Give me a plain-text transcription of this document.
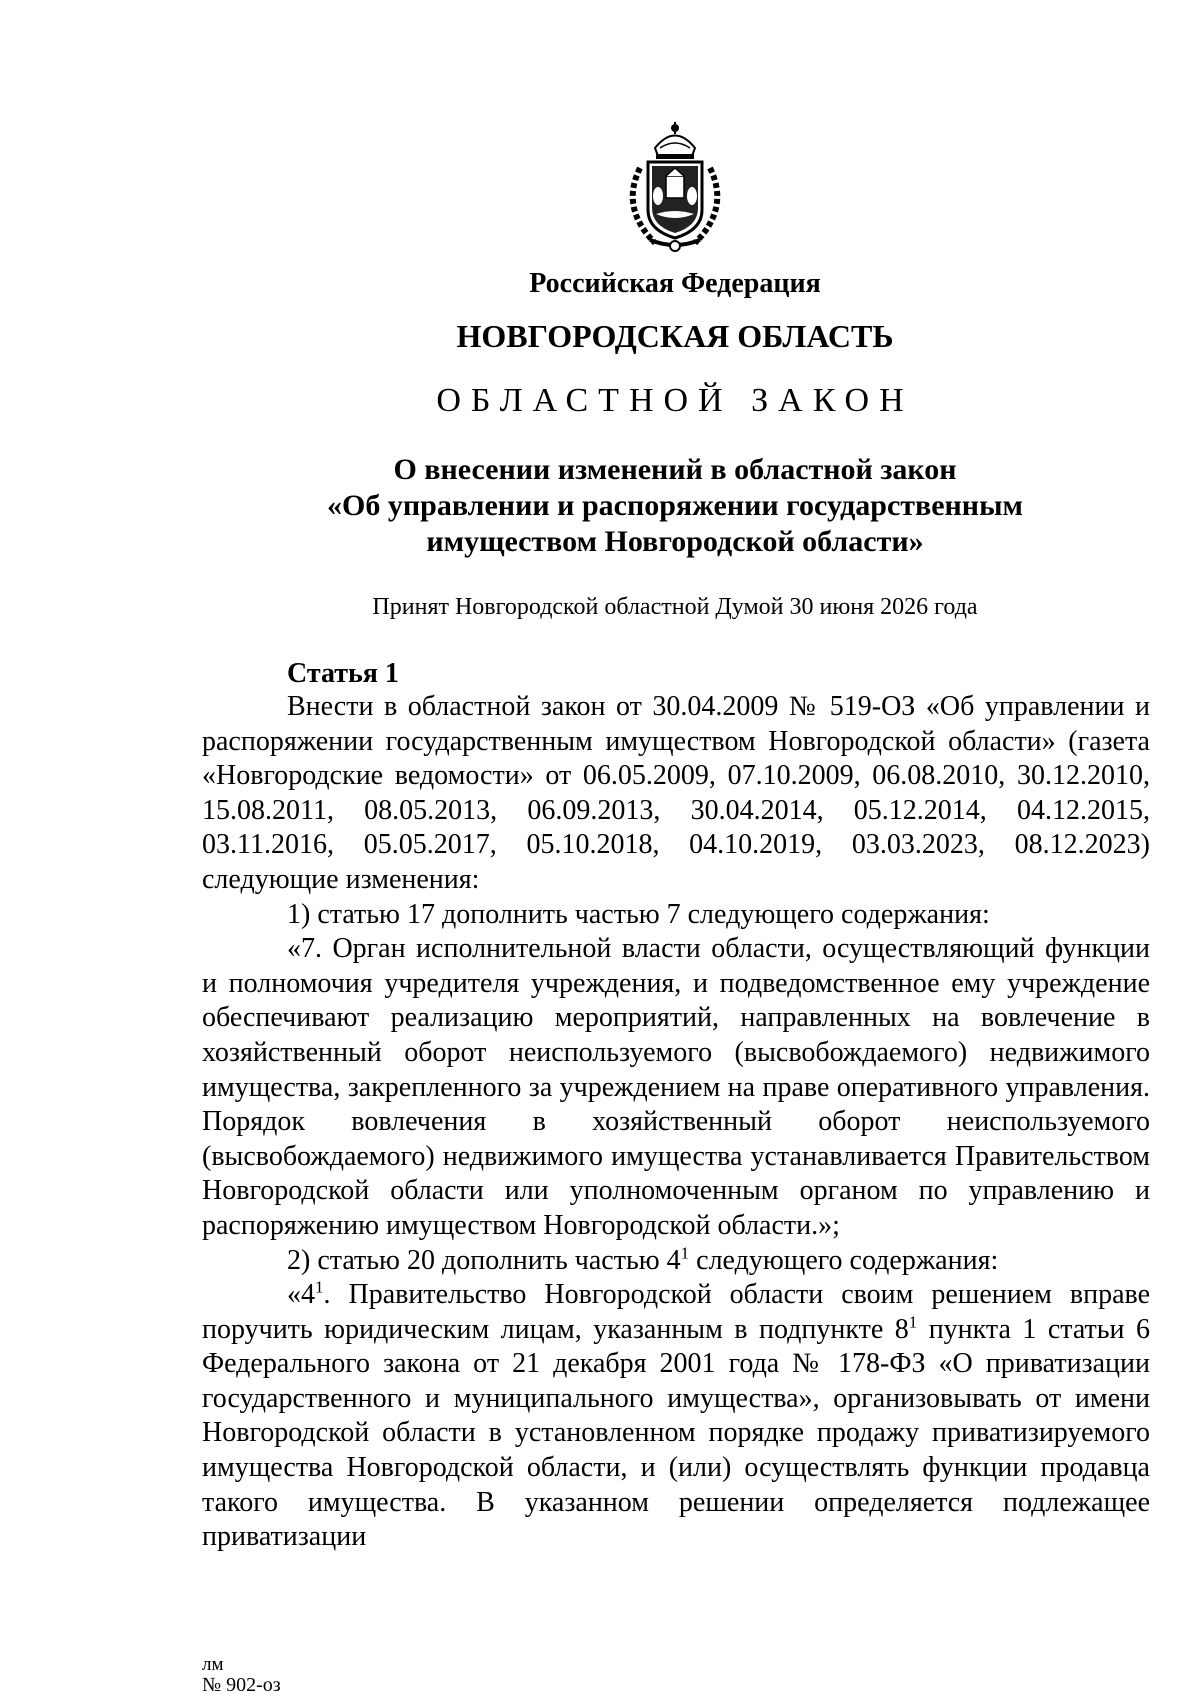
Российская Федерация
НОВГОРОДСКАЯ ОБЛАСТЬ
ОБЛАСТНОЙ ЗАКОН
О внесении изменений в областной закон
«Об управлении и распоряжении государственным
имуществом Новгородской области»
Принят Новгородской областной Думой 30 июня 2026 года
Статья 1

Внести в областной закон от 30.04.2009 № 519-ОЗ «Об управлении и распоряжении государственным имуществом Новгородской области» (газета «Новгородские ведомости» от 06.05.2009, 07.10.2009, 06.08.2010, 30.12.2010, 15.08.2011, 08.05.2013, 06.09.2013, 30.04.2014, 05.12.2014, 04.12.2015, 03.11.2016, 05.05.2017, 05.10.2018, 04.10.2019, 03.03.2023, 08.12.2023) следующие изменения:

1) статью 17 дополнить частью 7 следующего содержания:

«7. Орган исполнительной власти области, осуществляющий функции и полномочия учредителя учреждения, и подведомственное ему учреждение обеспечивают реализацию мероприятий, направленных на вовлечение в хозяйственный оборот неиспользуемого (высвобождаемого) недвижимого имущества, закрепленного за учреждением на праве оперативного управления. Порядок вовлечения в хозяйственный оборот неиспользуемого (высвобождаемого) недвижимого имущества устанавливается Правительством Новгородской области или уполномоченным органом по управлению и распоряжению имуществом Новгородской области.»;

2) статью 20 дополнить частью $4^1$ следующего содержания:

«$4^1$. Правительство Новгородской области своим решением вправе поручить юридическим лицам, указанным в подпункте $8^1$ пункта 1 статьи 6 Федерального закона от 21 декабря 2001 года № 178-ФЗ «О приватизации государственного и муниципального имущества», организовывать от имени Новгородской области в установленном порядке продажу приватизируемого имущества Новгородской области, и (или) осуществлять функции продавца такого имущества. В указанном решении определяется подлежащее приватизации

лм
№ 902-оз
